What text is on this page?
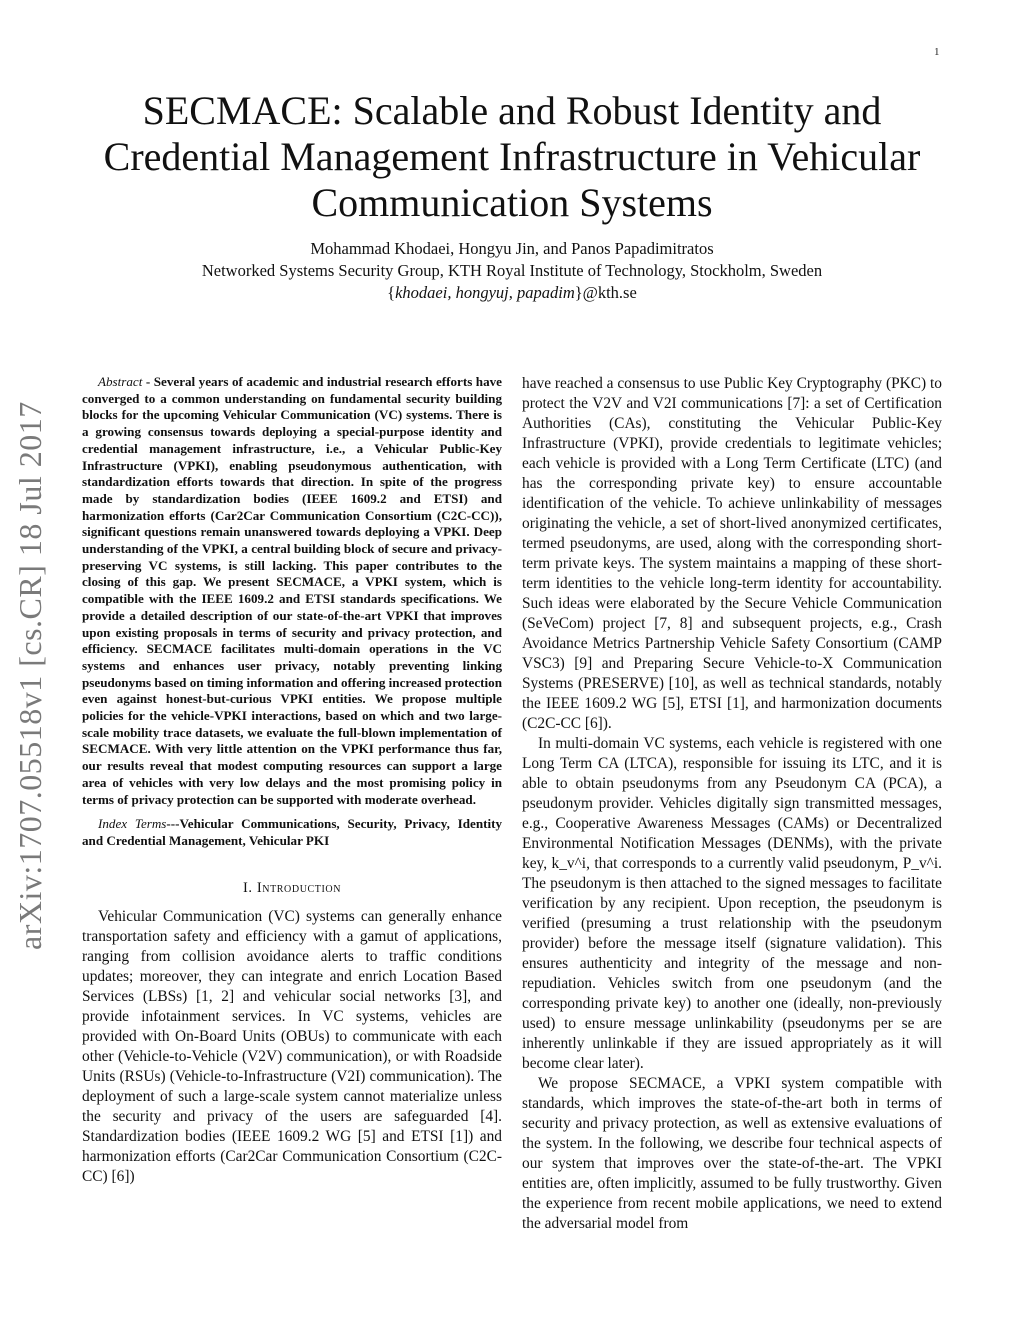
1
arXiv:1707.05518v1 [cs.CR] 18 Jul 2017
SECMACE: Scalable and Robust Identity and
Credential Management Infrastructure in Vehicular
Communication Systems
Mohammad Khodaei, Hongyu Jin, and Panos Papadimitratos
Networked Systems Security Group, KTH Royal Institute of Technology, Stockholm, Sweden
{khodaei, hongyuj, papadim}@kth.se

Abstract - Several years of academic and industrial research efforts have converged to a common understanding on fundamental security building blocks for the upcoming Vehicular Communication (VC) systems. There is a growing consensus towards deploying a special-purpose identity and credential management infrastructure, i.e., a Vehicular Public-Key Infrastructure (VPKI), enabling pseudonymous authentication, with standardization efforts towards that direction. In spite of the progress made by standardization bodies (IEEE 1609.2 and ETSI) and harmonization efforts (Car2Car Communication Consortium (C2C-CC)), significant questions remain unanswered towards deploying a VPKI. Deep understanding of the VPKI, a central building block of secure and privacy-preserving VC systems, is still lacking. This paper contributes to the closing of this gap. We present SECMACE, a VPKI system, which is compatible with the IEEE 1609.2 and ETSI standards specifications. We provide a detailed description of our state-of-the-art VPKI that improves upon existing proposals in terms of security and privacy protection, and efficiency. SECMACE facilitates multi-domain operations in the VC systems and enhances user privacy, notably preventing linking pseudonyms based on timing information and offering increased protection even against honest-but-curious VPKI entities. We propose multiple policies for the vehicle-VPKI interactions, based on which and two large-scale mobility trace datasets, we evaluate the full-blown implementation of SECMACE. With very little attention on the VPKI performance thus far, our results reveal that modest computing resources can support a large area of vehicles with very low delays and the most promising policy in terms of privacy protection can be supported with moderate overhead.

Index Terms---Vehicular Communications, Security, Privacy, Identity and Credential Management, Vehicular PKI

I. Introduction

Vehicular Communication (VC) systems can generally enhance transportation safety and efficiency with a gamut of applications, ranging from collision avoidance alerts to traffic conditions updates; moreover, they can integrate and enrich Location Based Services (LBSs) [1, 2] and vehicular social networks [3], and provide infotainment services. In VC systems, vehicles are provided with On-Board Units (OBUs) to communicate with each other (Vehicle-to-Vehicle (V2V) communication), or with Roadside Units (RSUs) (Vehicle-to-Infrastructure (V2I) communication). The deployment of such a large-scale system cannot materialize unless the security and privacy of the users are safeguarded [4]. Standardization bodies (IEEE 1609.2 WG [5] and ETSI [1]) and harmonization efforts (Car2Car Communication Consortium (C2C-CC) [6])

have reached a consensus to use Public Key Cryptography (PKC) to protect the V2V and V2I communications [7]: a set of Certification Authorities (CAs), constituting the Vehicular Public-Key Infrastructure (VPKI), provide credentials to legitimate vehicles; each vehicle is provided with a Long Term Certificate (LTC) (and has the corresponding private key) to ensure accountable identification of the vehicle. To achieve unlinkability of messages originating the vehicle, a set of short-lived anonymized certificates, termed pseudonyms, are used, along with the corresponding short-term private keys. The system maintains a mapping of these short-term identities to the vehicle long-term identity for accountability. Such ideas were elaborated by the Secure Vehicle Communication (SeVeCom) project [7, 8] and subsequent projects, e.g., Crash Avoidance Metrics Partnership Vehicle Safety Consortium (CAMP VSC3) [9] and Preparing Secure Vehicle-to-X Communication Systems (PRESERVE) [10], as well as technical standards, notably the IEEE 1609.2 WG [5], ETSI [1], and harmonization documents (C2C-CC [6]).

In multi-domain VC systems, each vehicle is registered with one Long Term CA (LTCA), responsible for issuing its LTC, and it is able to obtain pseudonyms from any Pseudonym CA (PCA), a pseudonym provider. Vehicles digitally sign transmitted messages, e.g., Cooperative Awareness Messages (CAMs) or Decentralized Environmental Notification Messages (DENMs), with the private key, k_v^i, that corresponds to a currently valid pseudonym, P_v^i. The pseudonym is then attached to the signed messages to facilitate verification by any recipient. Upon reception, the pseudonym is verified (presuming a trust relationship with the pseudonym provider) before the message itself (signature validation). This ensures authenticity and integrity of the message and non-repudiation. Vehicles switch from one pseudonym (and the corresponding private key) to another one (ideally, non-previously used) to ensure message unlinkability (pseudonyms per se are inherently unlinkable if they are issued appropriately as it will become clear later).

We propose SECMACE, a VPKI system compatible with standards, which improves the state-of-the-art both in terms of security and privacy protection, as well as extensive evaluations of the system. In the following, we describe four technical aspects of our system that improves over the state-of-the-art. The VPKI entities are, often implicitly, assumed to be fully trustworthy. Given the experience from recent mobile applications, we need to extend the adversarial model from
